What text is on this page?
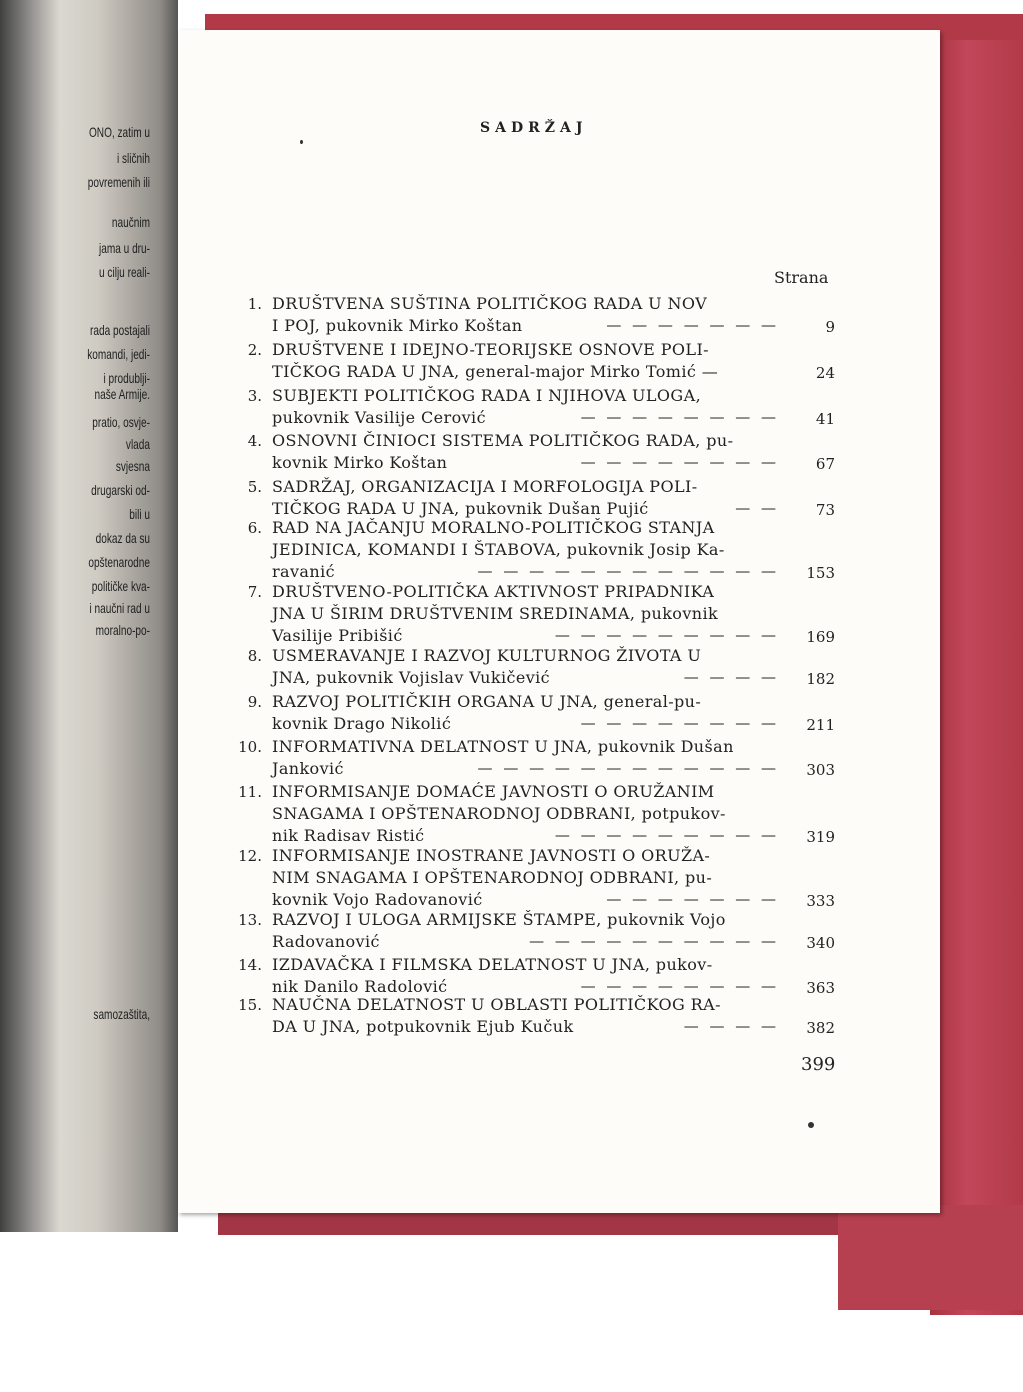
ONO, zatim u
i sličnih
povremenih ili
naučnim
jama u dru-
u cilju reali-
rada postajali
komandi, jedi-
i produblji-
naše Armije.
pratio, osvje-
vlada
svjesna
drugarski od-
bili u
dokaz da su
opštenarodne
političke kva-
i naučni rad u
moralno-po-
samozaštita,
SADRŽAJ
Strana
1. DRUŠTVENA SUŠTINA POLITIČKOG RADA U NOV
I POJ, pukovnik Mirko Koštan	— — — — — — —	9
2. DRUŠTVENE I IDEJNO-TEORIJSKE OSNOVE POLI-
TIČKOG RADA U JNA, general-major Mirko Tomić —	24
3. SUBJEKTI POLITIČKOG RADA I NJIHOVA ULOGA,
pukovnik Vasilije Cerović	— — — — — — — —	41
4. OSNOVNI ČINIOCI SISTEMA POLITIČKOG RADA, pu-
kovnik Mirko Koštan	— — — — — — — —	67
5. SADRŽAJ, ORGANIZACIJA I MORFOLOGIJA POLI-
TIČKOG RADA U JNA, pukovnik Dušan Pujić	— —	73
6. RAD NA JAČANJU MORALNO-POLITIČKOG STANJA
JEDINICA, KOMANDI I ŠTABOVA, pukovnik Josip Ka-
ravanić	— — — — — — — — — — — —	153
7. DRUŠTVENO-POLITIČKA AKTIVNOST PRIPADNIKA
JNA U ŠIRIM DRUŠTVENIM SREDINAMA, pukovnik
Vasilije Pribišić	— — — — — — — — —	169
8. USMERAVANJE I RAZVOJ KULTURNOG ŽIVOTA U
JNA, pukovnik Vojislav Vukičević	— — — —	182
9. RAZVOJ POLITIČKIH ORGANA U JNA, general-pu-
kovnik Drago Nikolić	— — — — — — — —	211
10. INFORMATIVNA DELATNOST U JNA, pukovnik Dušan
Janković	— — — — — — — — — — — —	303
11. INFORMISANJE DOMAĆE JAVNOSTI O ORUŽANIM
SNAGAMA I OPŠTENARODNOJ ODBRANI, potpukov-
nik Radisav Ristić	— — — — — — — — —	319
12. INFORMISANJE INOSTRANE JAVNOSTI O ORUŽA-
NIM SNAGAMA I OPŠTENARODNOJ ODBRANI, pu-
kovnik Vojo Radovanović	— — — — — — —	333
13. RAZVOJ I ULOGA ARMIJSKE ŠTAMPE, pukovnik Vojo
Radovanović	— — — — — — — — — —	340
14. IZDAVAČKA I FILMSKA DELATNOST U JNA, pukov-
nik Danilo Radolović	— — — — — — — —	363
15. NAUČNA DELATNOST U OBLASTI POLITIČKOG RA-
DA U JNA, potpukovnik Ejub Kučuk	— — — —	382
399
